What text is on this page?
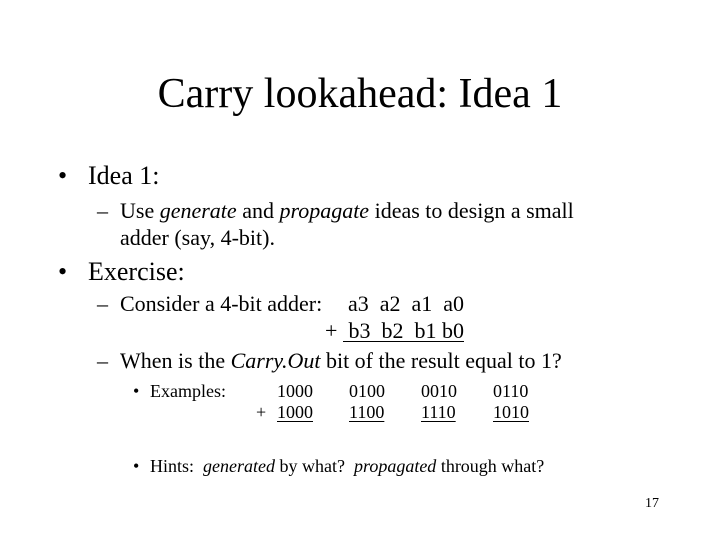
Carry lookahead: Idea 1
• Idea 1:
– Use generate and propagate ideas to design a small
adder (say, 4-bit).
• Exercise:
– Consider a 4-bit adder: a3  a2  a1  a0
+ b3  b2  b1 b0
– When is the Carry.Out bit of the result equal to 1?
• Examples:	1000
+ 1000
0100
1100
0010
1110
0110
1010
• Hints:  generated by what?  propagated through what?
17
